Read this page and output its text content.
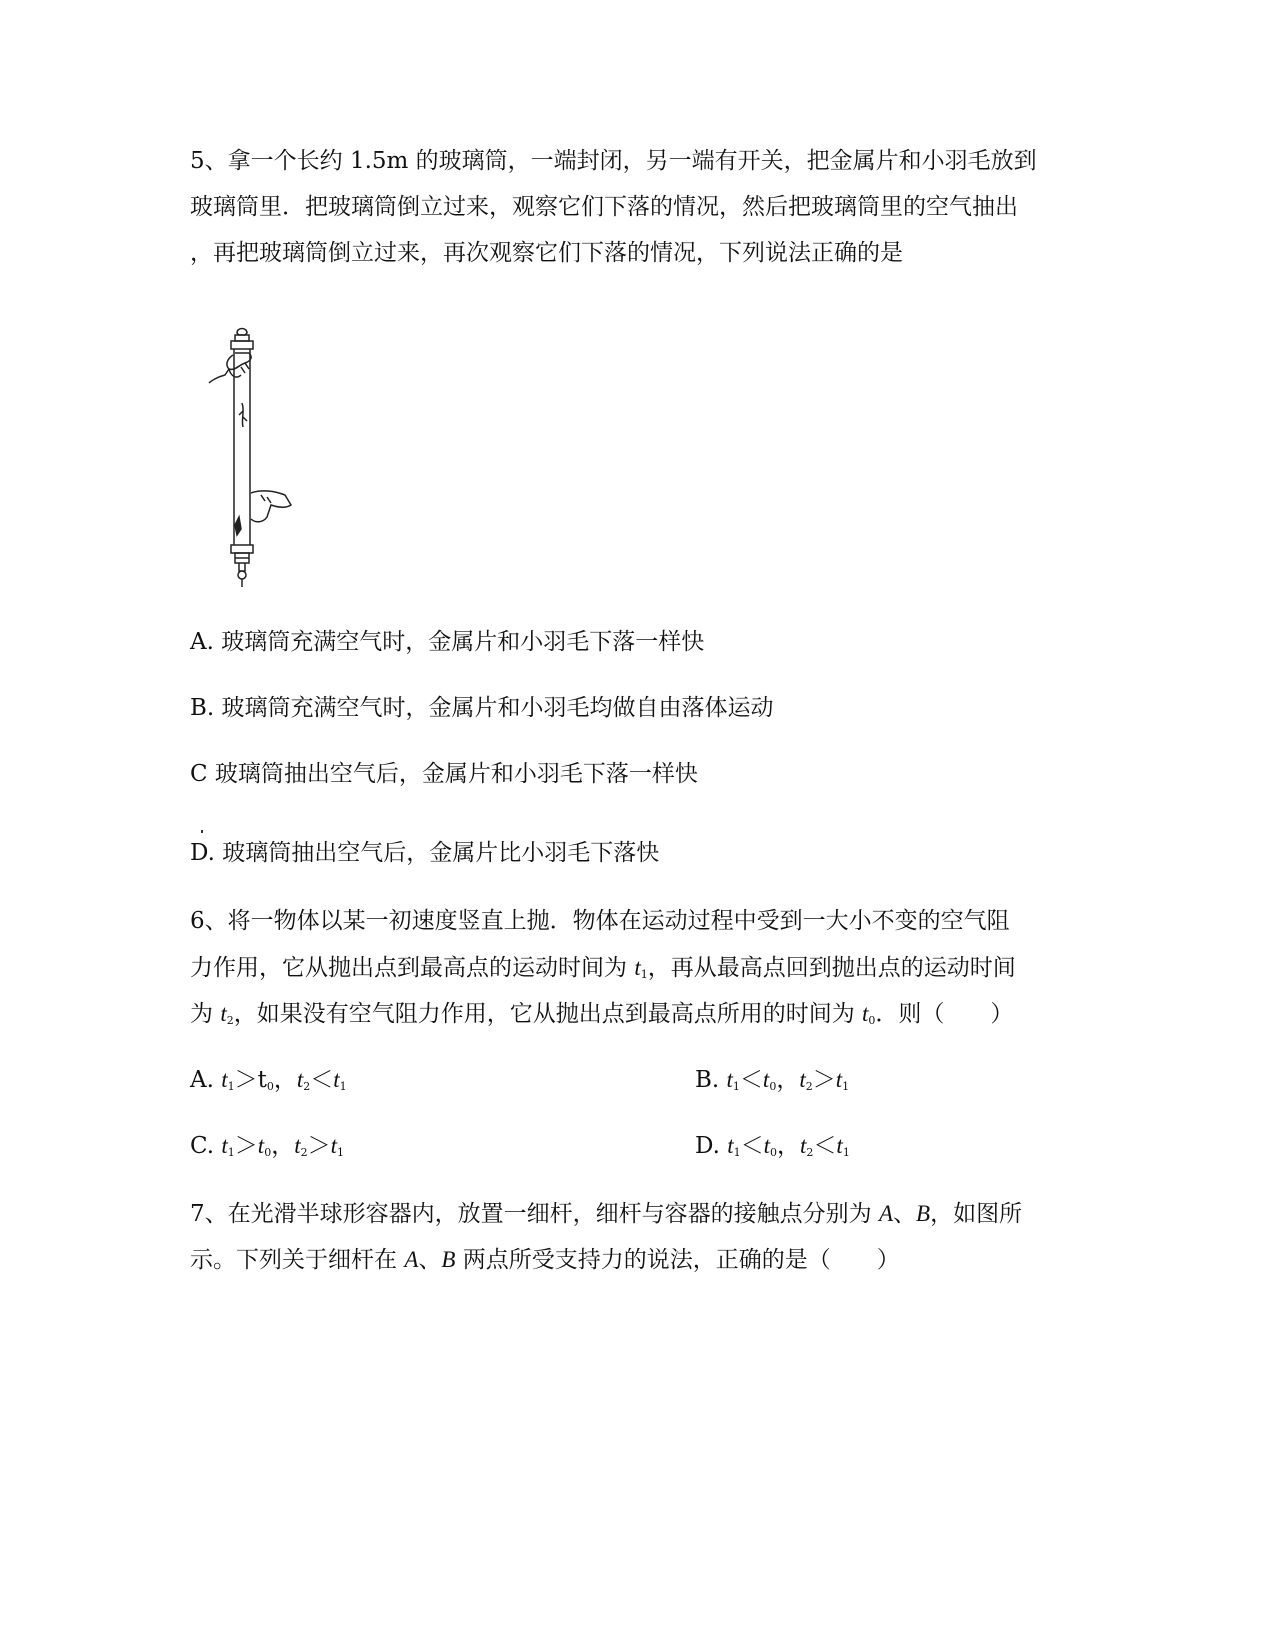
5、拿一个长约 1.5m 的玻璃筒，一端封闭，另一端有开关，把金属片和小羽毛放到
玻璃筒里．把玻璃筒倒立过来，观察它们下落的情况，然后把玻璃筒里的空气抽出
，再把玻璃筒倒立过来，再次观察它们下落的情况，下列说法正确的是
A. 玻璃筒充满空气时，金属片和小羽毛下落一样快
B. 玻璃筒充满空气时，金属片和小羽毛均做自由落体运动
C 玻璃筒抽出空气后，金属片和小羽毛下落一样快
D. 玻璃筒抽出空气后，金属片比小羽毛下落快
6、将一物体以某一初速度竖直上抛．物体在运动过程中受到一大小不变的空气阻
力作用，它从抛出点到最高点的运动时间为 $t_1$，再从最高点回到抛出点的运动时间
为 $t_2$，如果没有空气阻力作用，它从抛出点到最高点所用的时间为 $t_0$．则（　　）
A. $t_1>t_0$，$t_2<t_1$	B. $t_1<t_0$，$t_2>t_1$
C. $t_1>t_0$，$t_2>t_1$	D. $t_1<t_0$，$t_2<t_1$
7、在光滑半球形容器内，放置一细杆，细杆与容器的接触点分别为 A、B，如图所
示。下列关于细杆在 A、B 两点所受支持力的说法，正确的是（　　）
